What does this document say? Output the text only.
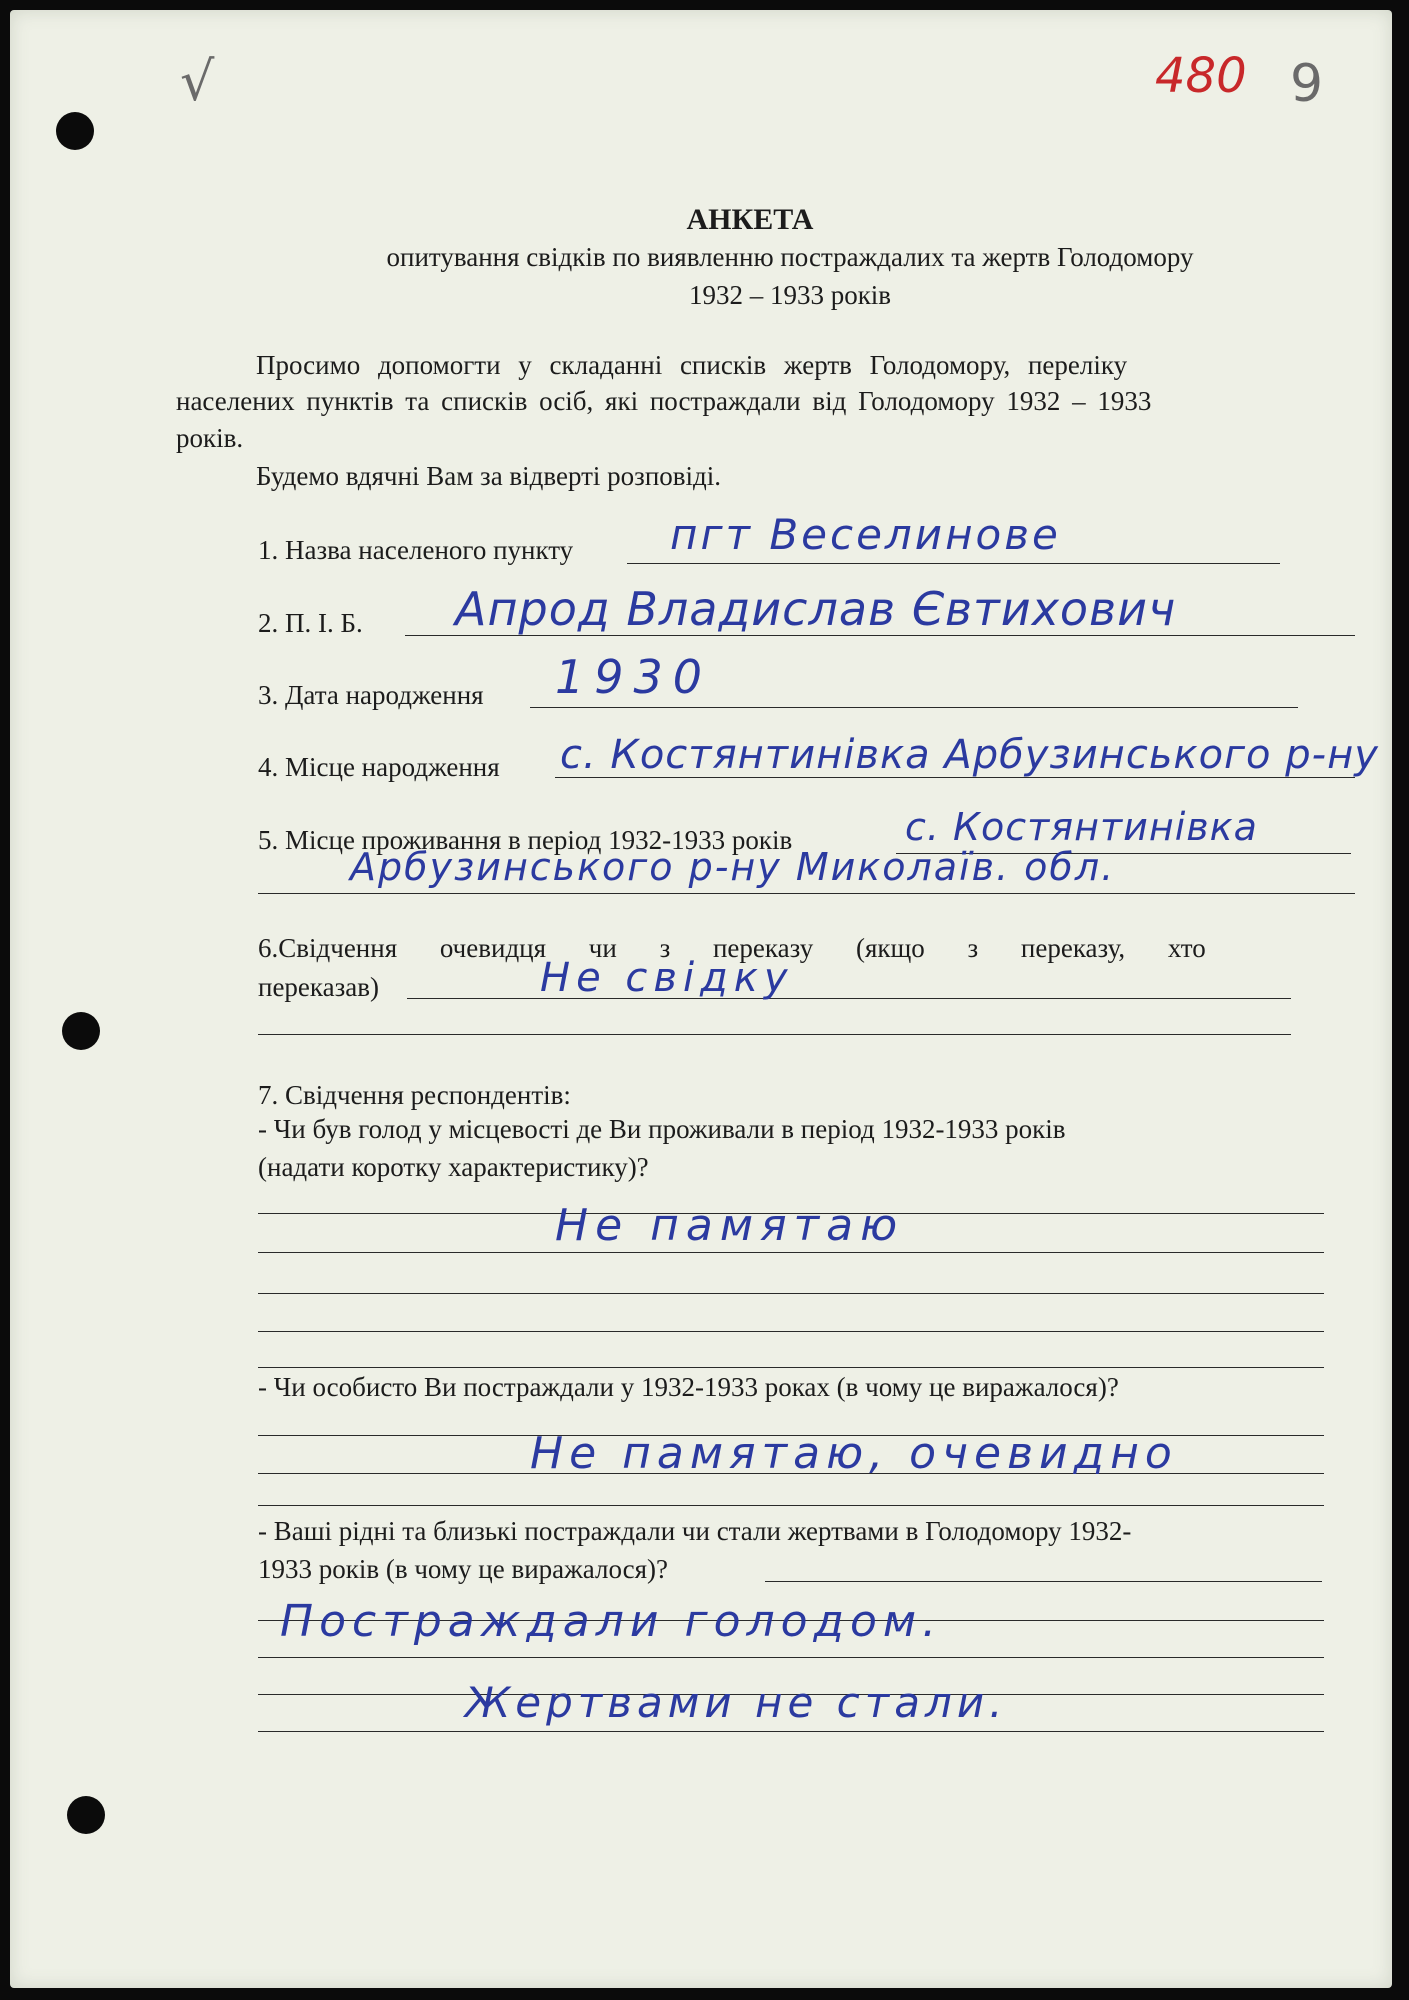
√	480 9
АНКЕТА
опитування свідків по виявленню постраждалих та жертв Голодомору
1932 – 1933 років
Просимо допомогти у складанні списків жертв Голодомору, переліку
населених пунктів та списків осіб, які постраждали від Голодомору 1932 – 1933
років.
Будемо вдячні Вам за відверті розповіді.
1. Назва населеного пункту пгт Веселинове
2. П. І. Б. Апрод Владислав Євтихович
3. Дата народження 1930
4. Місце народження с. Костянтинівка Арбузинського р-ну
5. Місце проживання в період 1932-1933 років	с. Костянтинівка
Арбузинського р-ну Миколаїв. обл.
6.Свідчення очевидця чи з переказу (якщо з переказу, хто
переказав)	Не свідку
7. Свідчення респондентів:
- Чи був голод у місцевості де Ви проживали в період 1932-1933 років
(надати коротку характеристику)?
Не памятаю
- Чи особисто Ви постраждали у 1932-1933 роках (в чому це виражалося)?
Не памятаю, очевидно
- Ваші рідні та близькі постраждали чи стали жертвами в Голодомору 1932-
1933 років (в чому це виражалося)?
Постраждали голодом.
Жертвами не стали.
